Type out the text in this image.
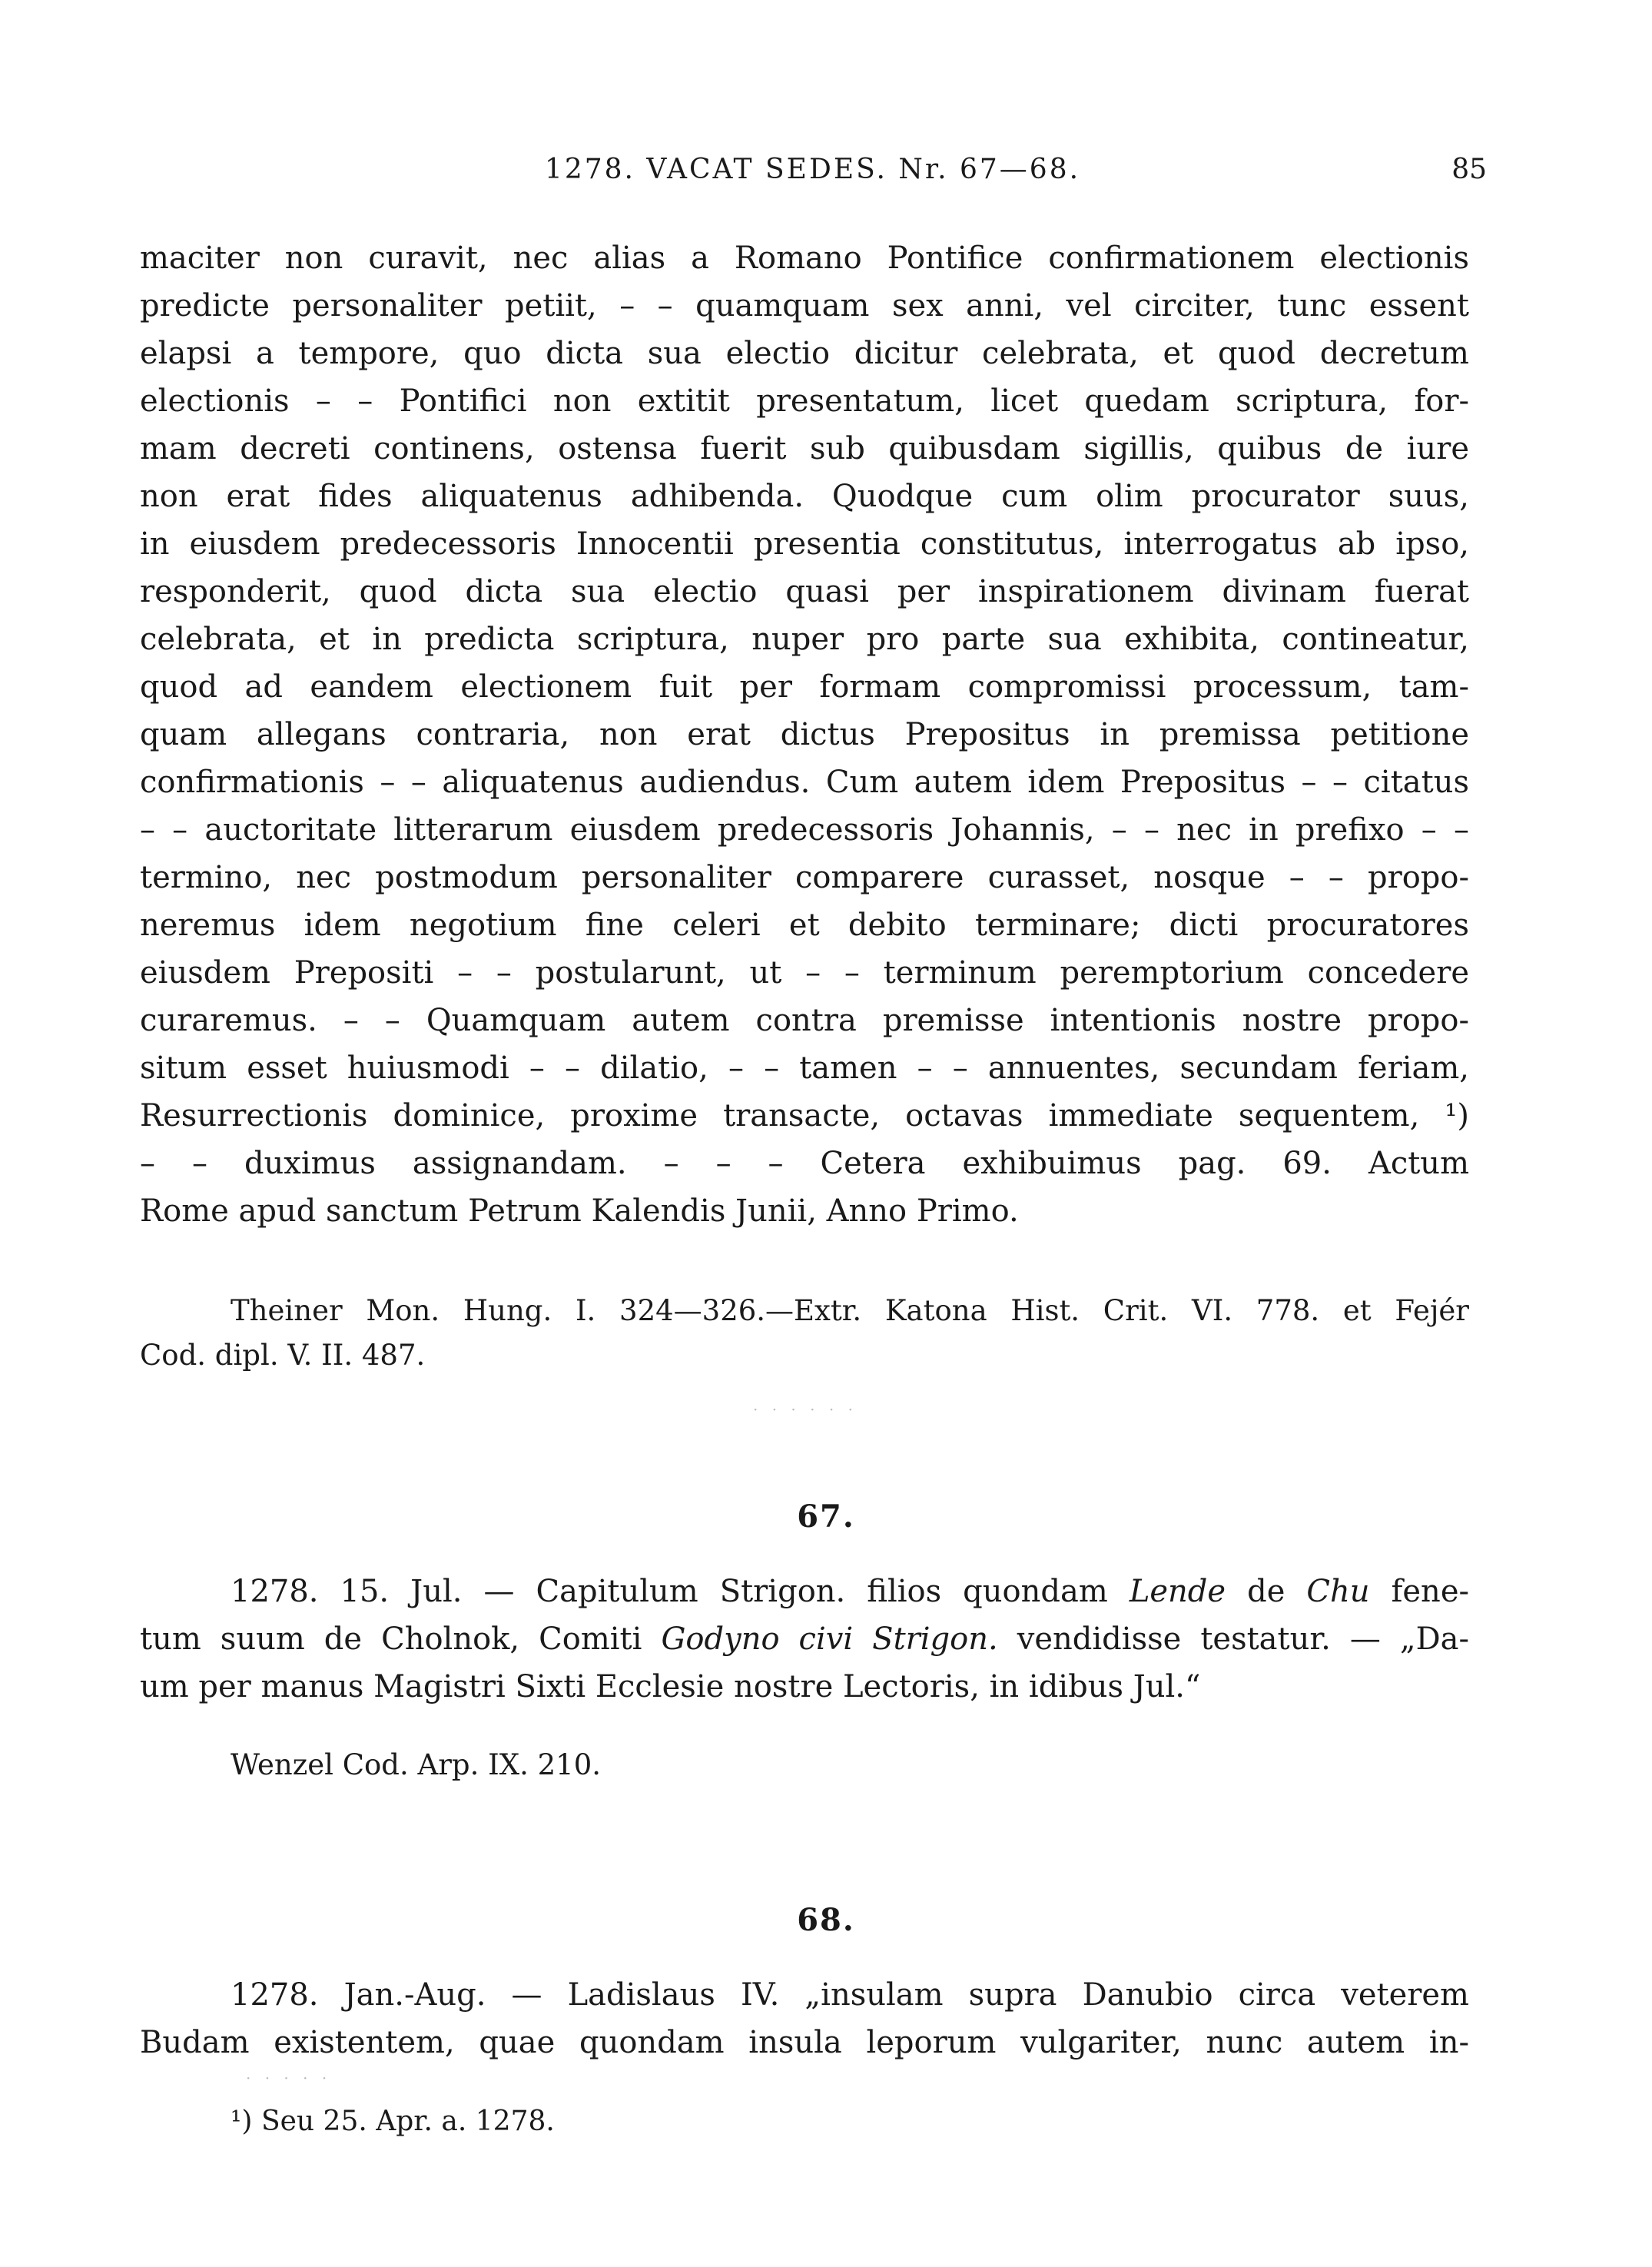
1278. VACAT SEDES. Nr. 67—68.	85
maciter non curavit, nec alias a Romano Pontifice confirmationem electionis
predicte personaliter petiit, – – quamquam sex anni, vel circiter, tunc essent
elapsi a tempore, quo dicta sua electio dicitur celebrata, et quod decretum
electionis – – Pontifici non extitit presentatum, licet quedam scriptura, for-
mam decreti continens, ostensa fuerit sub quibusdam sigillis, quibus de iure
non erat fides aliquatenus adhibenda. Quodque cum olim procurator suus,
in eiusdem predecessoris Innocentii presentia constitutus, interrogatus ab ipso,
responderit, quod dicta sua electio quasi per inspirationem divinam fuerat
celebrata, et in predicta scriptura, nuper pro parte sua exhibita, contineatur,
quod ad eandem electionem fuit per formam compromissi processum, tam-
quam allegans contraria, non erat dictus Prepositus in premissa petitione
confirmationis – – aliquatenus audiendus. Cum autem idem Prepositus – – citatus
– – auctoritate litterarum eiusdem predecessoris Johannis, – – nec in prefixo – –
termino, nec postmodum personaliter comparere curasset, nosque – – propo-
neremus idem negotium fine celeri et debito terminare; dicti procuratores
eiusdem Prepositi – – postularunt, ut – – terminum peremptorium concedere
curaremus. – – Quamquam autem contra premisse intentionis nostre propo-
situm esset huiusmodi – – dilatio, – – tamen – – annuentes, secundam feriam,
Resurrectionis dominice, proxime transacte, octavas immediate sequentem, ¹)
– – duximus assignandam. – – – Cetera exhibuimus pag. 69. Actum
Rome apud sanctum Petrum Kalendis Junii, Anno Primo.
Theiner Mon. Hung. I. 324—326.—Extr. Katona Hist. Crit. VI. 778. et Fejér
Cod. dipl. V. II. 487.
· · · · · ·
67.
1278. 15. Jul. — Capitulum Strigon. filios quondam Lende de Chu fene-
tum suum de Cholnok, Comiti Godyno civi Strigon. vendidisse testatur. — „Da-
um per manus Magistri Sixti Ecclesie nostre Lectoris, in idibus Jul.“
Wenzel Cod. Arp. IX. 210.
68.
1278. Jan.-Aug. — Ladislaus IV. „insulam supra Danubio circa veterem
Budam existentem, quae quondam insula leporum vulgariter, nunc autem in-
· · · · ·
¹) Seu 25. Apr. a. 1278.
